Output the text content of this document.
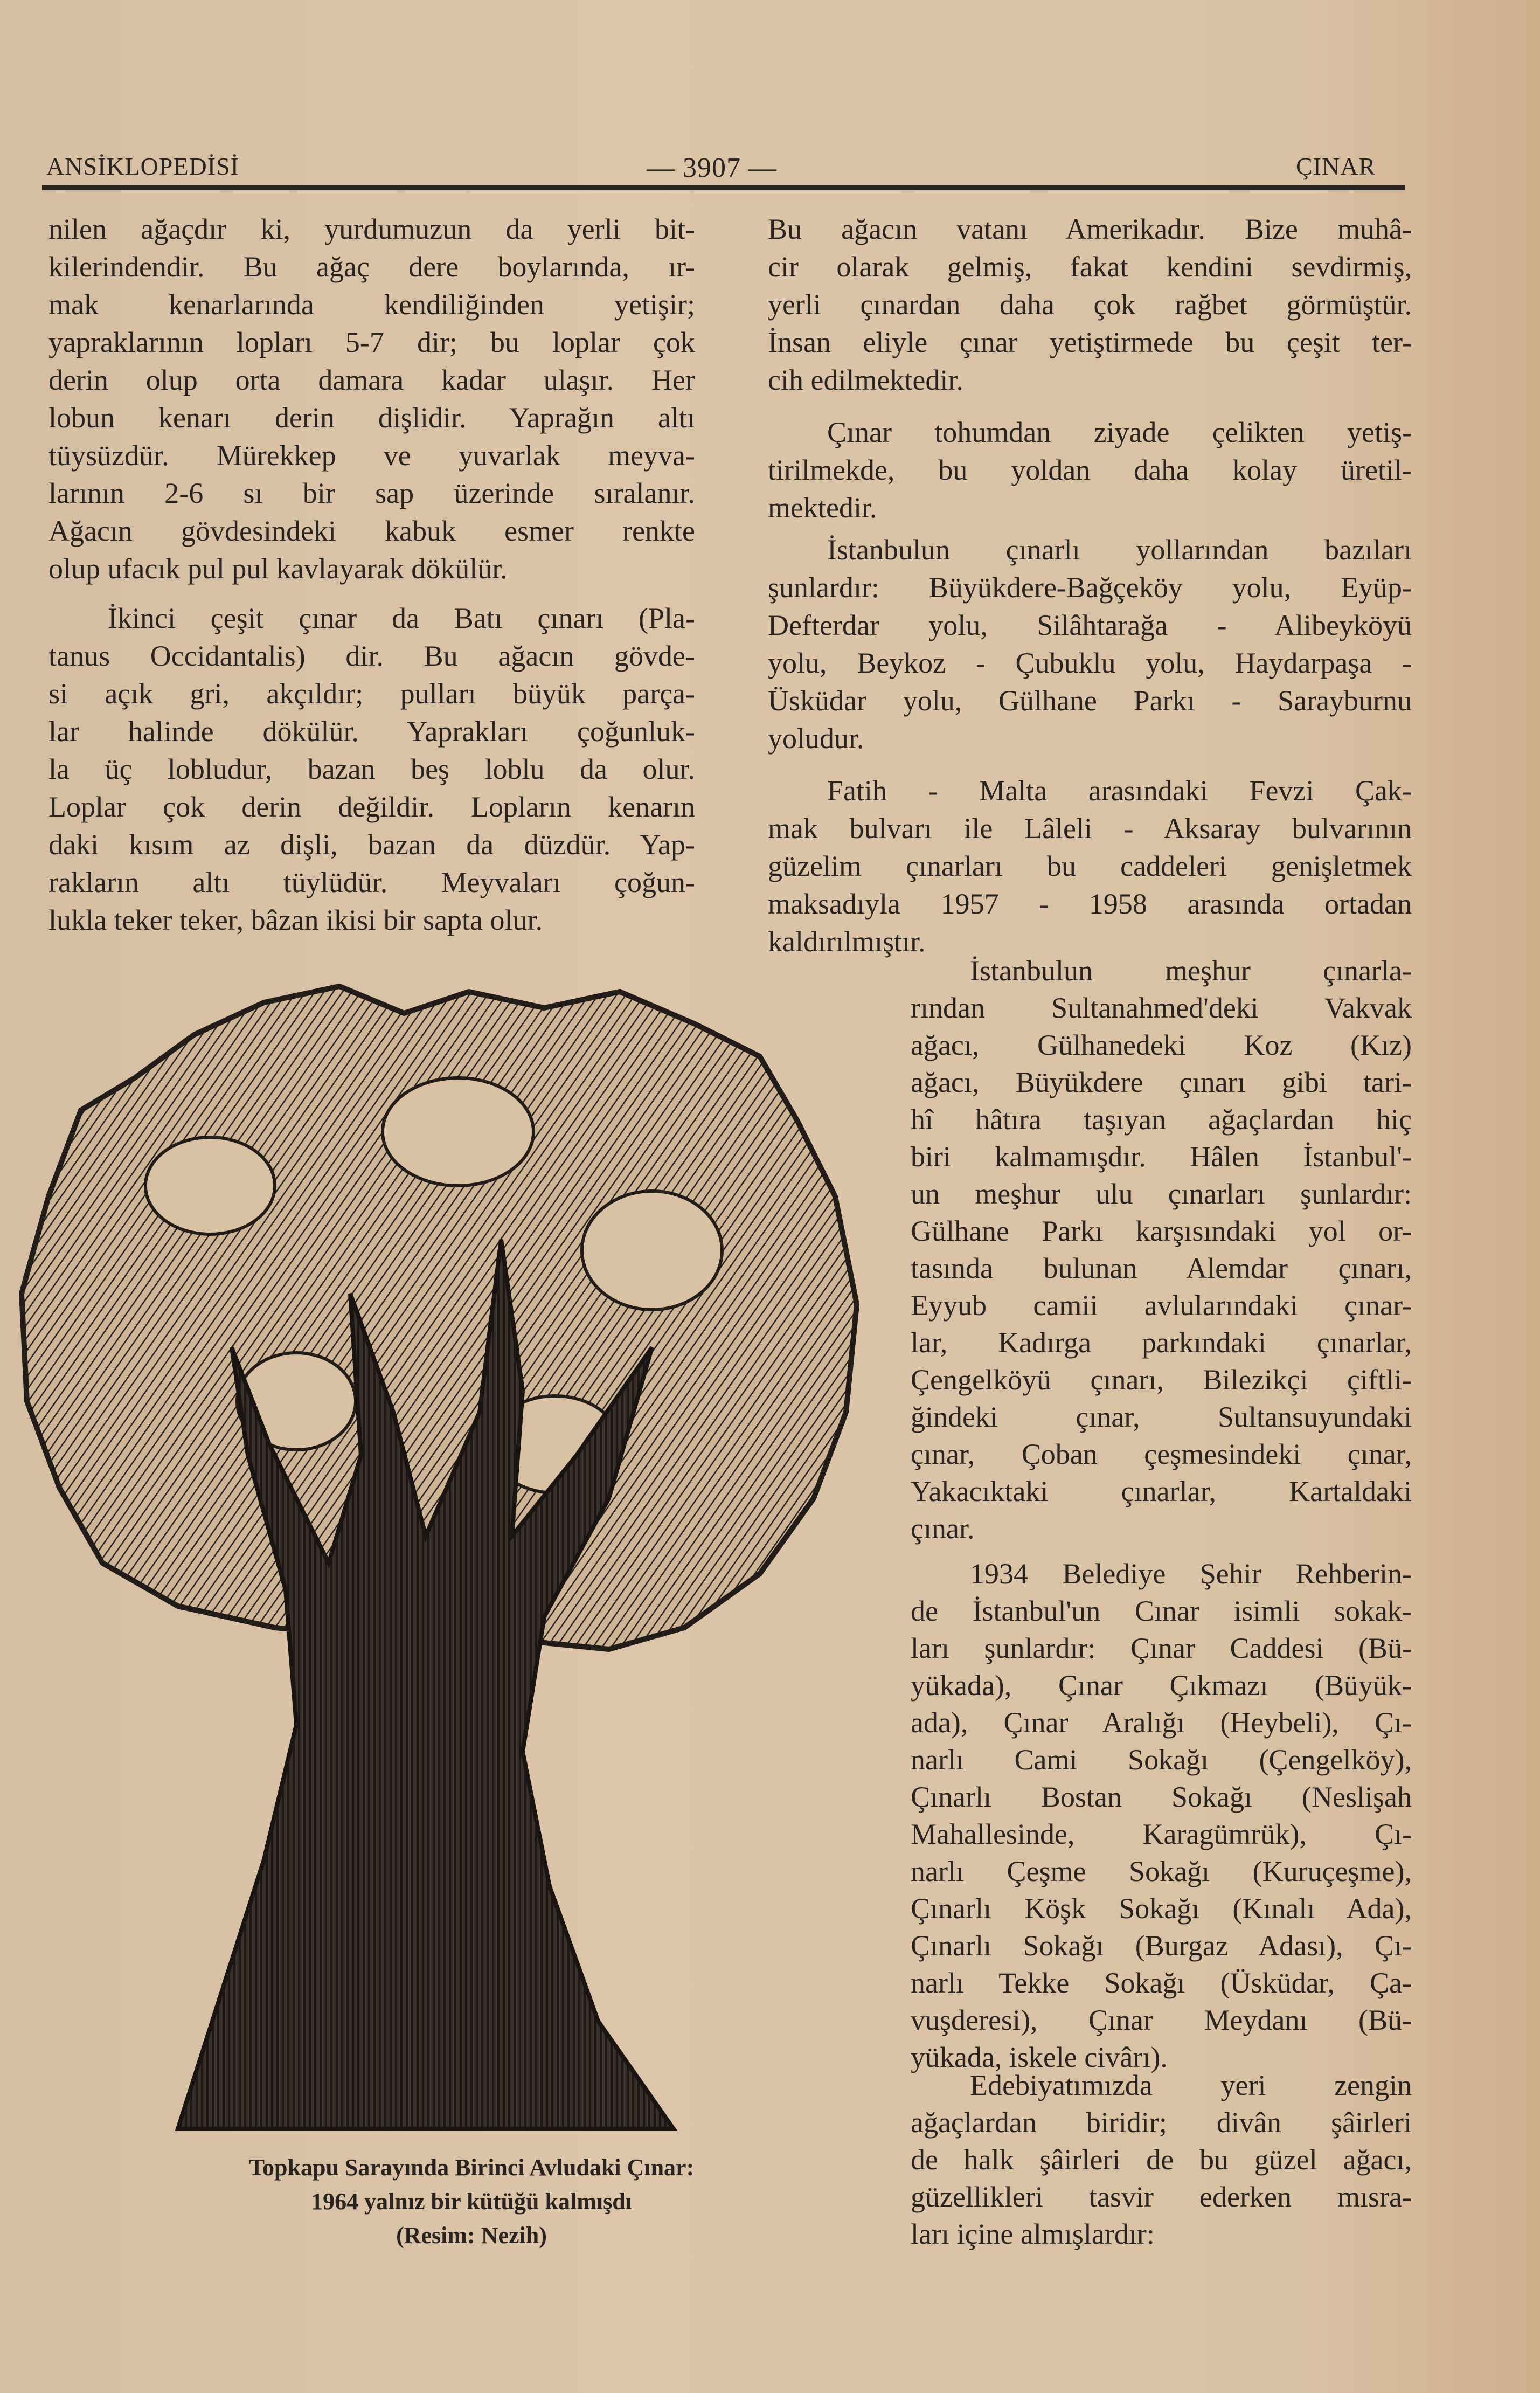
ANSİKLOPEDİSİ	— 3907 —	ÇINAR
nilen ağaçdır ki, yurdumuzun da yerli bit-
kilerindendir. Bu ağaç dere boylarında, ır-
mak kenarlarında kendiliğinden yetişir;
yapraklarının lopları 5-7 dir; bu loplar çok
derin olup orta damara kadar ulaşır. Her
lobun kenarı derin dişlidir. Yaprağın altı
tüysüzdür. Mürekkep ve yuvarlak meyva-
larının 2-6 sı bir sap üzerinde sıralanır.
Ağacın gövdesindeki kabuk esmer renkte
olup ufacık pul pul kavlayarak dökülür.
İkinci çeşit çınar da Batı çınarı (Pla-
tanus Occidantalis) dir. Bu ağacın gövde-
si açık gri, akçıldır; pulları büyük parça-
lar halinde dökülür. Yaprakları çoğunluk-
la üç lobludur, bazan beş loblu da olur.
Loplar çok derin değildir. Lopların kenarın
daki kısım az dişli, bazan da düzdür. Yap-
rakların altı tüylüdür. Meyvaları çoğun-
lukla teker teker, bâzan ikisi bir sapta olur.
Bu ağacın vatanı Amerikadır. Bize muhâ-
cir olarak gelmiş, fakat kendini sevdirmiş,
yerli çınardan daha çok rağbet görmüştür.
İnsan eliyle çınar yetiştirmede bu çeşit ter-
cih edilmektedir.
Çınar tohumdan ziyade çelikten yetiş-
tirilmekde, bu yoldan daha kolay üretil-
mektedir.
İstanbulun çınarlı yollarından bazıları
şunlardır: Büyükdere-Bağçeköy yolu, Eyüp-
Defterdar yolu, Silâhtarağa - Alibeyköyü
yolu, Beykoz - Çubuklu yolu, Haydarpaşa -
Üsküdar yolu, Gülhane Parkı - Sarayburnu
yoludur.
Fatih - Malta arasındaki Fevzi Çak-
mak bulvarı ile Lâleli - Aksaray bulvarının
güzelim çınarları bu caddeleri genişletmek
maksadıyla 1957 - 1958 arasında ortadan
kaldırılmıştır.
İstanbulun meşhur çınarla-
rından Sultanahmed'deki Vakvak
ağacı, Gülhanedeki Koz (Kız)
ağacı, Büyükdere çınarı gibi tari-
hî hâtıra taşıyan ağaçlardan hiç
biri kalmamışdır. Hâlen İstanbul'-
un meşhur ulu çınarları şunlardır:
Gülhane Parkı karşısındaki yol or-
tasında bulunan Alemdar çınarı,
Eyyub camii avlularındaki çınar-
lar, Kadırga parkındaki çınarlar,
Çengelköyü çınarı, Bilezikçi çiftli-
ğindeki çınar, Sultansuyundaki
çınar, Çoban çeşmesindeki çınar,
Yakacıktaki çınarlar, Kartaldaki
çınar.
1934 Belediye Şehir Rehberin-
de İstanbul'un Cınar isimli sokak-
ları şunlardır: Çınar Caddesi (Bü-
yükada), Çınar Çıkmazı (Büyük-
ada), Çınar Aralığı (Heybeli), Çı-
narlı Cami Sokağı (Çengelköy),
Çınarlı Bostan Sokağı (Neslişah
Mahallesinde, Karagümrük), Çı-
narlı Çeşme Sokağı (Kuruçeşme),
Çınarlı Köşk Sokağı (Kınalı Ada),
Çınarlı Sokağı (Burgaz Adası), Çı-
narlı Tekke Sokağı (Üsküdar, Ça-
vuşderesi), Çınar Meydanı (Bü-
yükada, iskele civârı).
Edebiyatımızda yeri zengin
ağaçlardan biridir; divân şâirleri
de halk şâirleri de bu güzel ağacı,
güzellikleri tasvir ederken mısra-
ları içine almışlardır:
Topkapu Sarayında Birinci Avludaki Çınar:
1964 yalnız bir kütüğü kalmışdı
(Resim: Nezih)
